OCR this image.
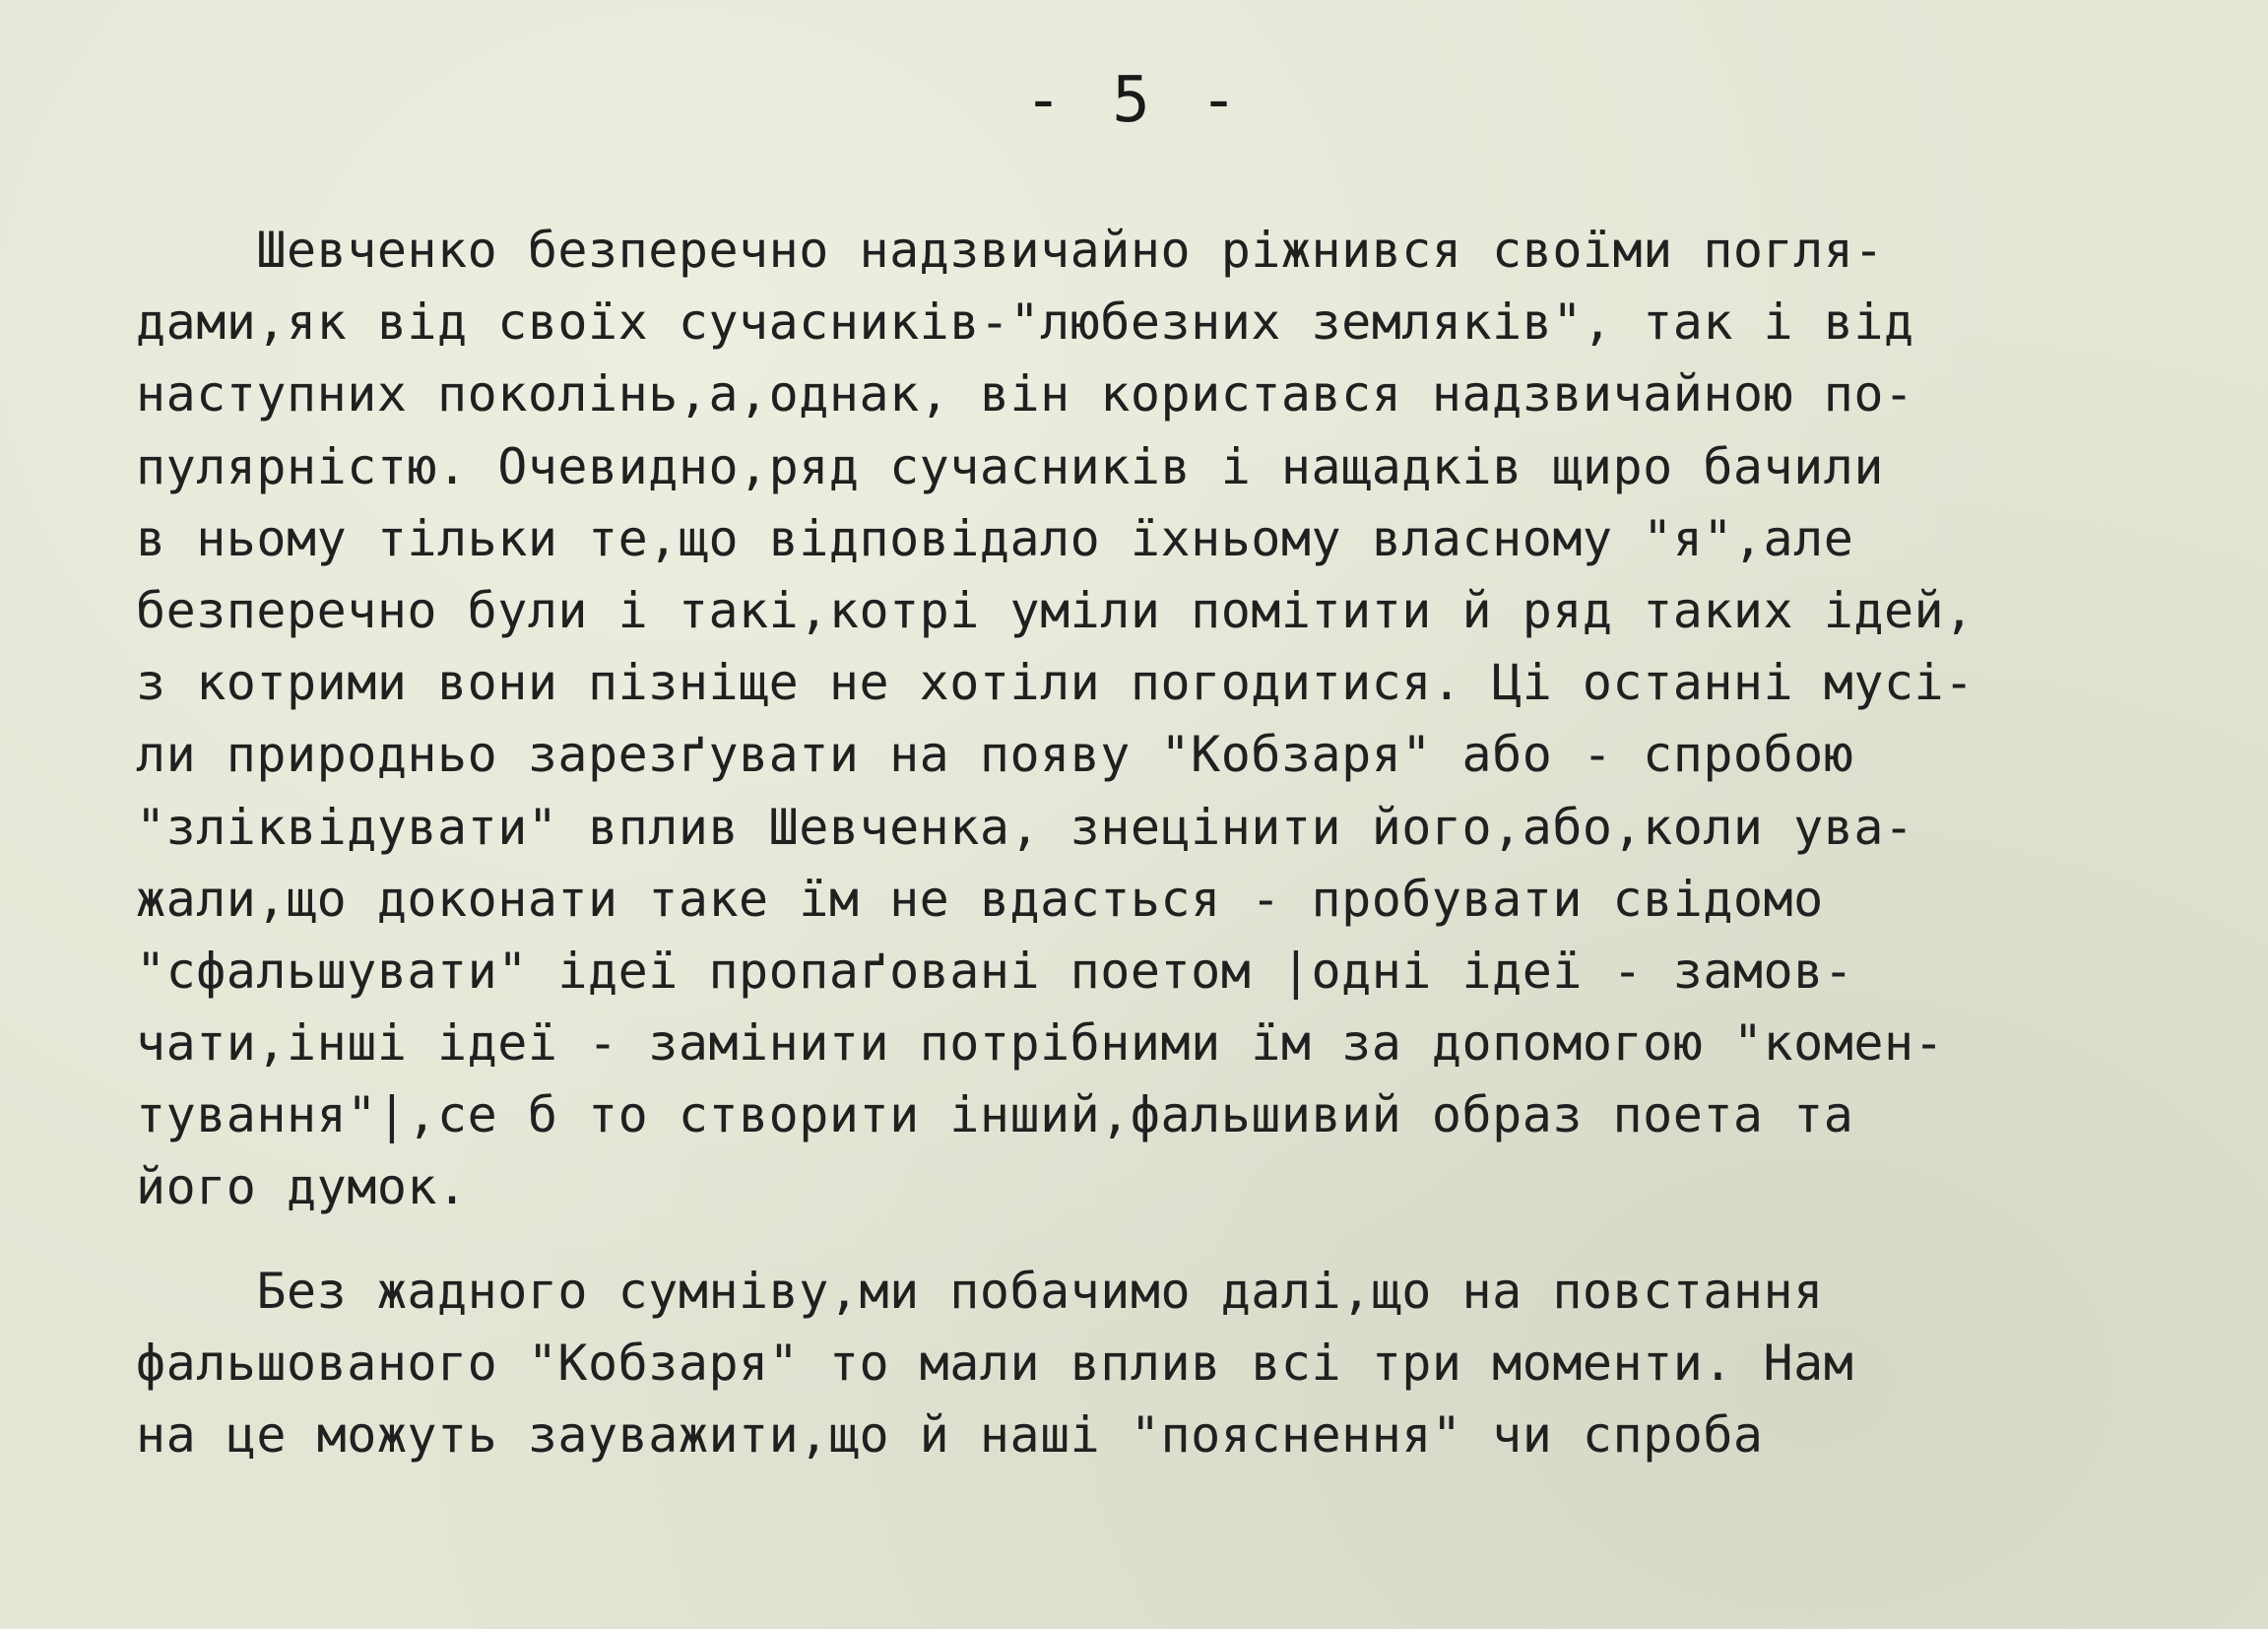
- 5 -
Шевченко безперечно надзвичайно ріжнився своїми погля-
дами,як від своїх сучасників-"любезних земляків", так і від
наступних поколінь,а,однак, він користався надзвичайною по-
пулярністю. Очевидно,ряд сучасників і нащадків щиро бачили
в ньому тільки те,що відповідало їхньому власному "я",але
безперечно були і такі,котрі уміли помітити й ряд таких ідей,
з котрими вони пізніще не хотіли погодитися. Ці останні мусі-
ли природньо зарезґувати на появу "Кобзаря" або - спробою
"зліквідувати" вплив Шевченка, знецінити його,або,коли ува-
жали,що доконати таке їм не вдасться - пробувати свідомо
"сфальшувати" ідеї пропаґовані поетом |одні ідеї - замов-
чати,інші ідеї - замінити потрібними їм за допомогою "комен-
тування"|,се б то створити інший,фальшивий образ поета та
його думок.
Без жадного сумніву,ми побачимо далі,що на повстання
фальшованого "Кобзаря" то мали вплив всі три моменти. Нам
на це можуть зауважити,що й наші "пояснення" чи спроба
